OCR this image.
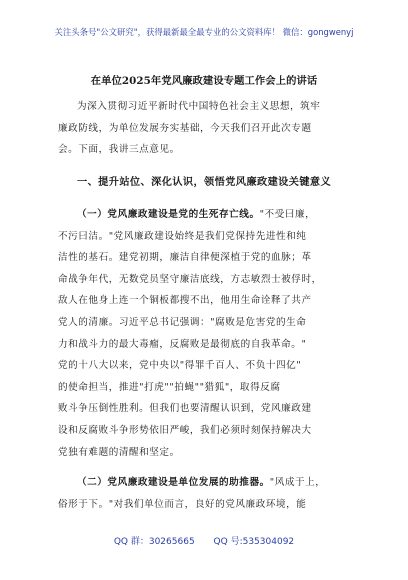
关注头条号"公文研究"，获得最新最全最专业的公文资料库！ 微信：gongwenyj
在单位2025年党风廉政建设专题工作会上的讲话
为深入贯彻习近平新时代中国特色社会主义思想，筑牢
廉政防线，为单位发展夯实基础，今天我们召开此次专题
会。下面，我讲三点意见。
一、提升站位、深化认识，领悟党风廉政建设关键意义
（一）党风廉政建设是党的生死存亡线。"不受曰廉，
不污曰洁。"党风廉政建设始终是我们党保持先进性和纯
洁性的基石。建党初期，廉洁自律便深植于党的血脉；革
命战争年代，无数党员坚守廉洁底线，方志敏烈士被俘时，
敌人在他身上连一个铜板都搜不出，他用生命诠释了共产
党人的清廉。习近平总书记强调："腐败是危害党的生命
力和战斗力的最大毒瘤，反腐败是最彻底的自我革命。"
党的十八大以来，党中央以"得罪千百人、不负十四亿"
的使命担当，推进"打虎""拍蝇""猎狐"，取得反腐
败斗争压倒性胜利。但我们也要清醒认识到，党风廉政建
设和反腐败斗争形势依旧严峻，我们必须时刻保持解决大
党独有难题的清醒和坚定。
（二）党风廉政建设是单位发展的助推器。"风成于上，
俗形于下。"对我们单位而言，良好的党风廉政环境，能
QQ 群：30265665 QQ 号:535304092
